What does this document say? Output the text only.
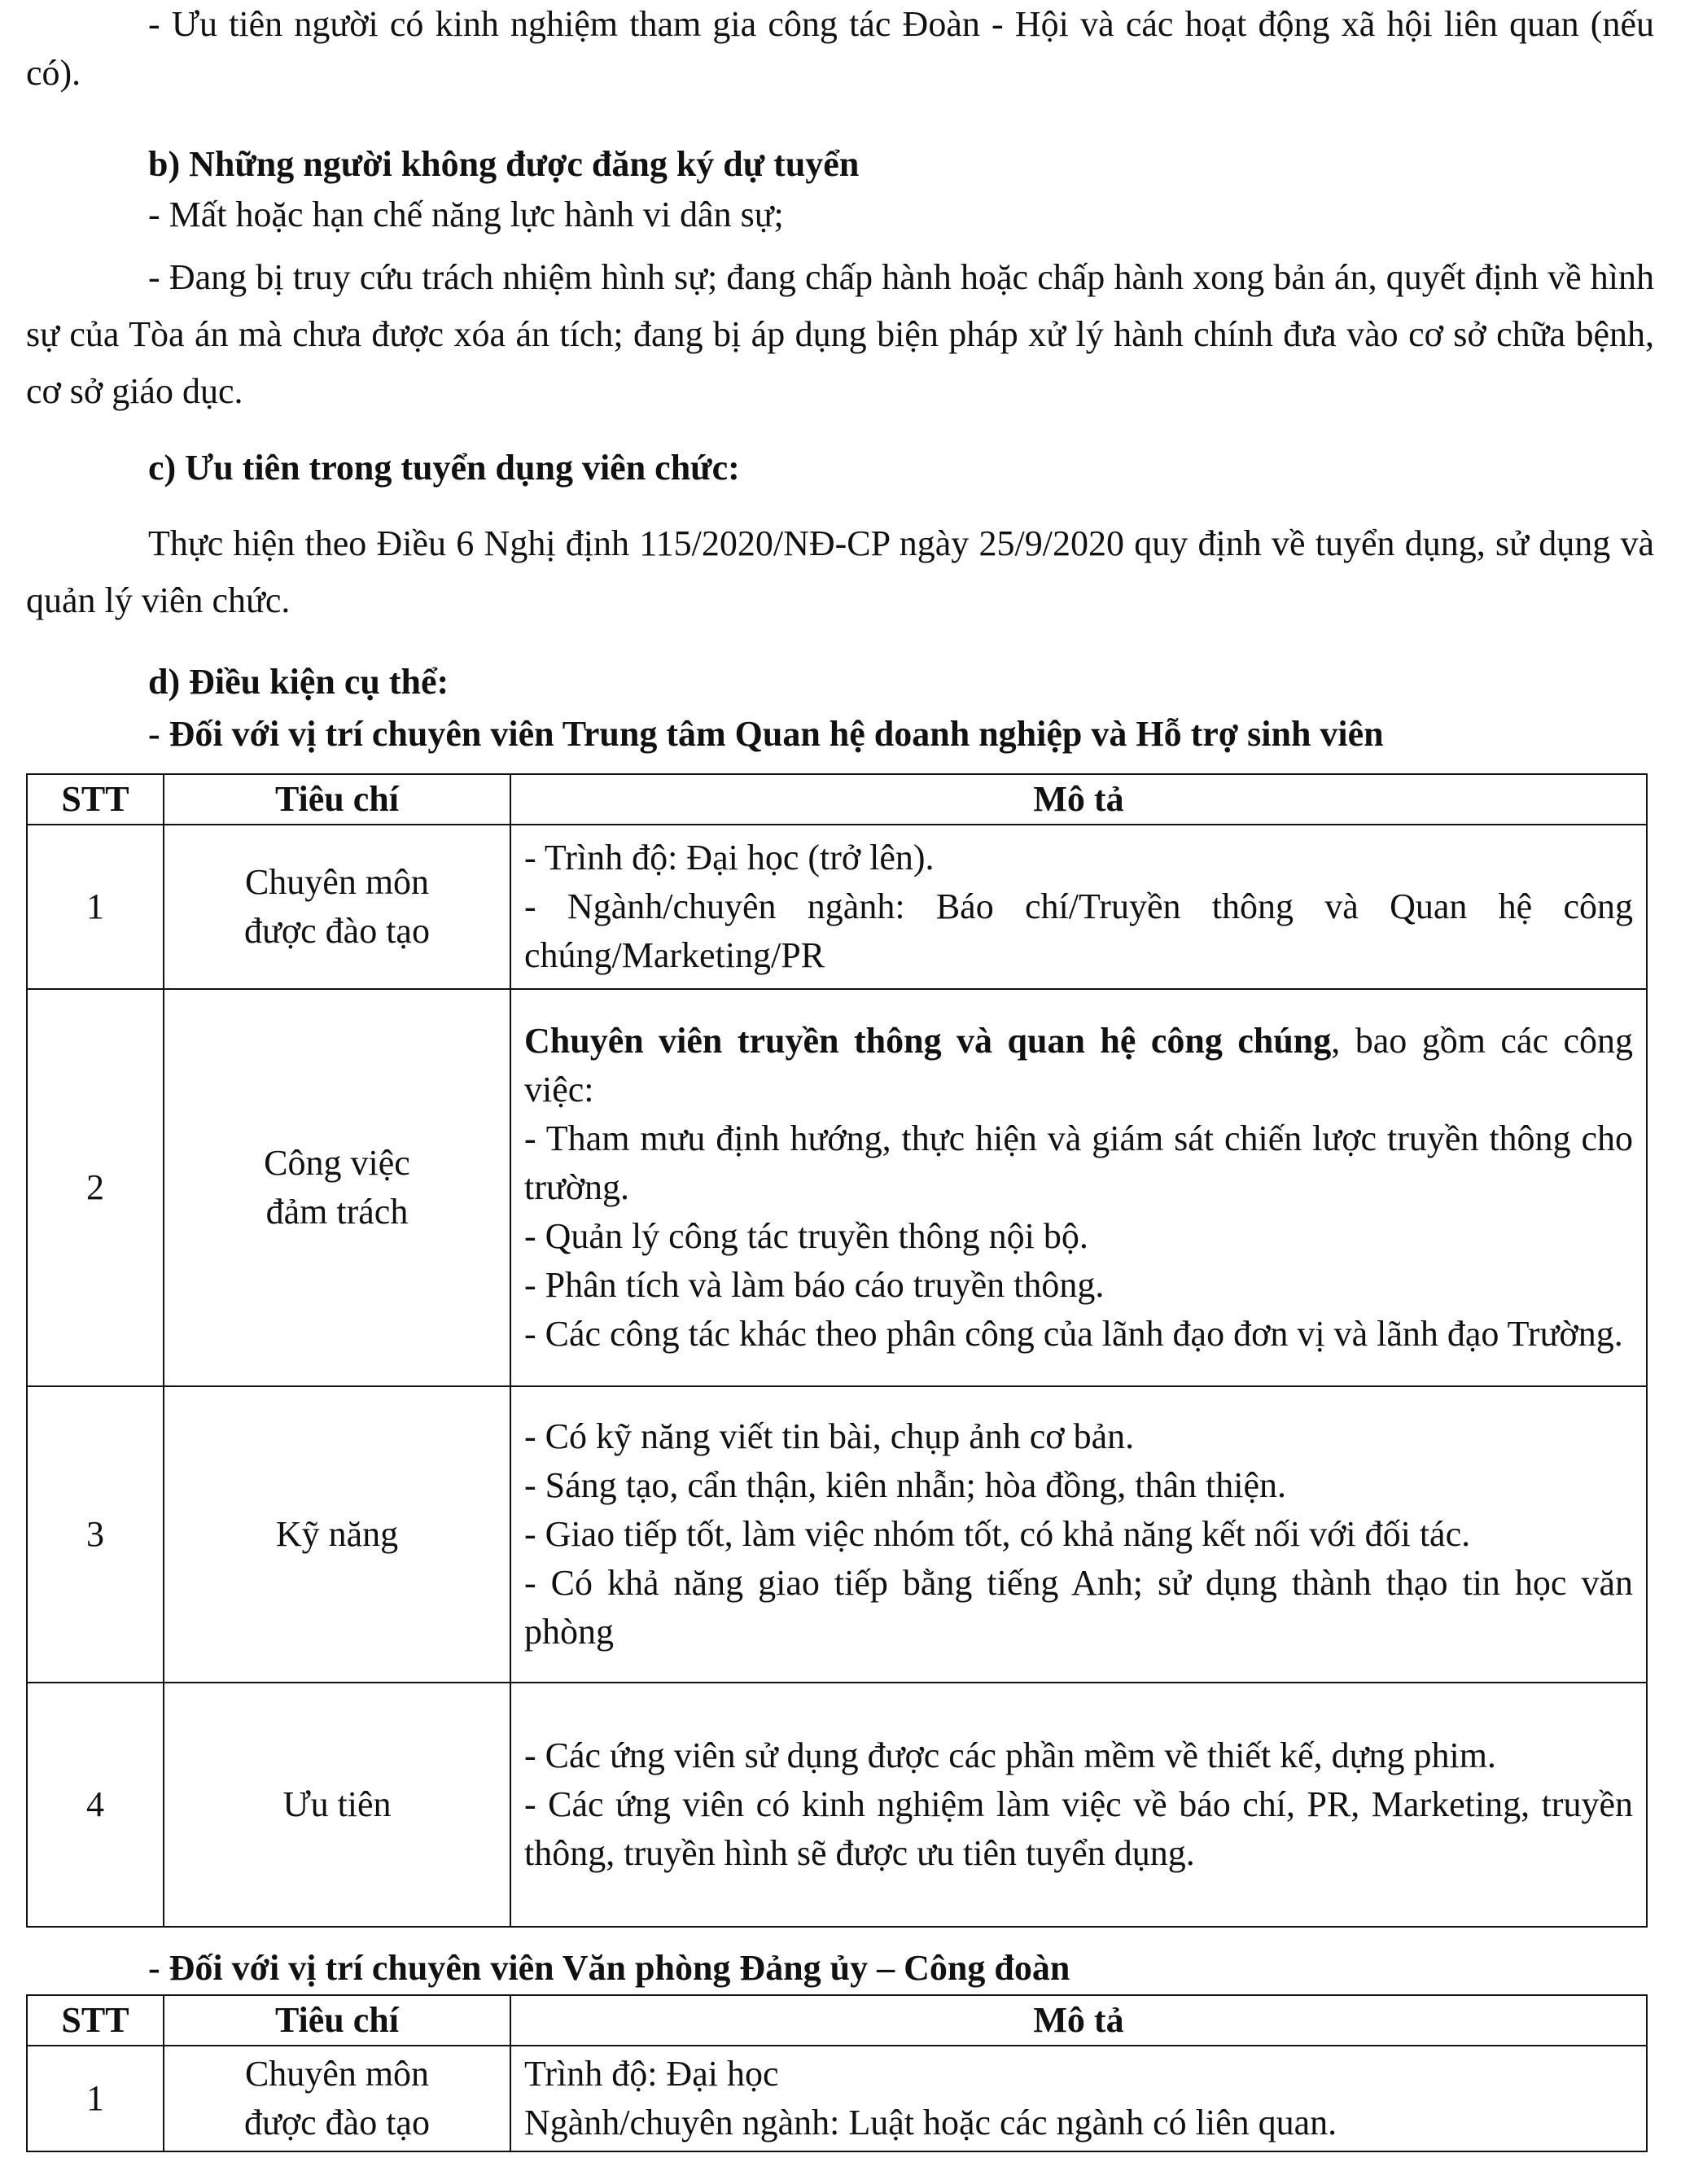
- Ưu tiên người có kinh nghiệm tham gia công tác Đoàn - Hội và các hoạt động xã hội liên quan (nếu có).

b) Những người không được đăng ký dự tuyển

- Mất hoặc hạn chế năng lực hành vi dân sự;

- Đang bị truy cứu trách nhiệm hình sự; đang chấp hành hoặc chấp hành xong bản án, quyết định về hình sự của Tòa án mà chưa được xóa án tích; đang bị áp dụng biện pháp xử lý hành chính đưa vào cơ sở chữa bệnh, cơ sở giáo dục.

c) Ưu tiên trong tuyển dụng viên chức:

Thực hiện theo Điều 6 Nghị định 115/2020/NĐ-CP ngày 25/9/2020 quy định về tuyển dụng, sử dụng và quản lý viên chức.

d) Điều kiện cụ thể:

- Đối với vị trí chuyên viên Trung tâm Quan hệ doanh nghiệp và Hỗ trợ sinh viên

STT	Tiêu chí	Mô tả
1	Chuyên môn
được đào tạo	- Trình độ: Đại học (trở lên).
- Ngành/chuyên ngành: Báo chí/Truyền thông và Quan hệ công chúng/Marketing/PR

2	Công việc
đảm trách	Chuyên viên truyền thông và quan hệ công chúng, bao gồm các công việc:
- Tham mưu định hướng, thực hiện và giám sát chiến lược truyền thông cho trường.
- Quản lý công tác truyền thông nội bộ.
- Phân tích và làm báo cáo truyền thông.
- Các công tác khác theo phân công của lãnh đạo đơn vị và lãnh đạo Trường.

3	Kỹ năng	- Có kỹ năng viết tin bài, chụp ảnh cơ bản.
- Sáng tạo, cẩn thận, kiên nhẫn; hòa đồng, thân thiện.
- Giao tiếp tốt, làm việc nhóm tốt, có khả năng kết nối với đối tác.
- Có khả năng giao tiếp bằng tiếng Anh; sử dụng thành thạo tin học văn phòng

4	Ưu tiên	- Các ứng viên sử dụng được các phần mềm về thiết kế, dựng phim.
- Các ứng viên có kinh nghiệm làm việc về báo chí, PR, Marketing, truyền thông, truyền hình sẽ được ưu tiên tuyển dụng.

- Đối với vị trí chuyên viên Văn phòng Đảng ủy – Công đoàn

STT	Tiêu chí	Mô tả
1	Chuyên môn
được đào tạo	Trình độ: Đại học
Ngành/chuyên ngành: Luật hoặc các ngành có liên quan.
